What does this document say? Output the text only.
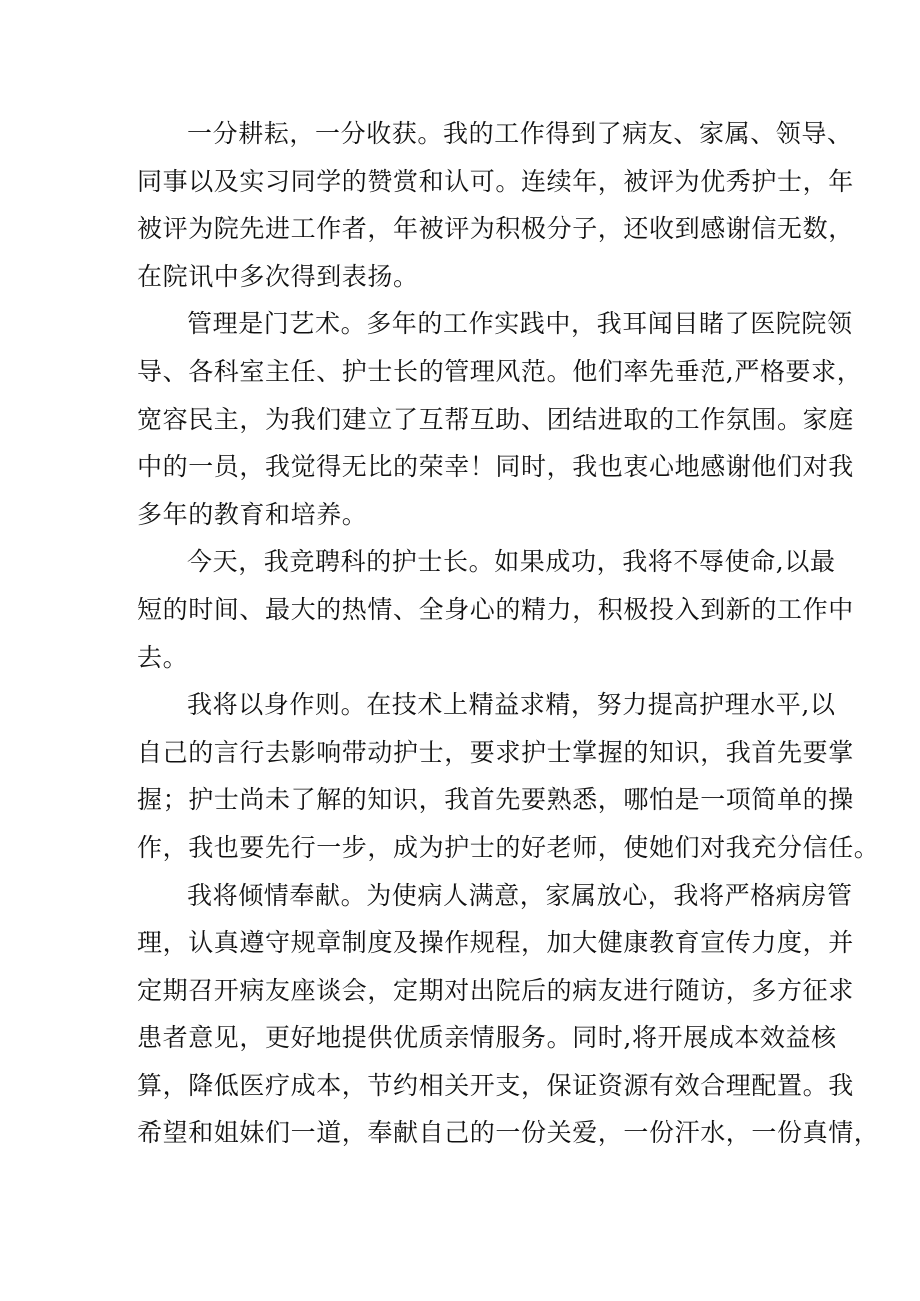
一分耕耘，一分收获。我的工作得到了病友、家属、领导、
同事以及实习同学的赞赏和认可。连续年，被评为优秀护士，年
被评为院先进工作者，年被评为积极分子，还收到感谢信无数，
在院讯中多次得到表扬。

管理是门艺术。多年的工作实践中，我耳闻目睹了医院院领
导、各科室主任、护士长的管理风范。他们率先垂范,严格要求，
宽容民主，为我们建立了互帮互助、团结进取的工作氛围。家庭
中的一员，我觉得无比的荣幸！同时，我也衷心地感谢他们对我
多年的教育和培养。

今天，我竞聘科的护士长。如果成功，我将不辱使命,以最
短的时间、最大的热情、全身心的精力，积极投入到新的工作中
去。

我将以身作则。在技术上精益求精，努力提高护理水平,以
自己的言行去影响带动护士，要求护士掌握的知识，我首先要掌
握；护士尚未了解的知识，我首先要熟悉，哪怕是一项简单的操
作，我也要先行一步，成为护士的好老师，使她们对我充分信任。

我将倾情奉献。为使病人满意，家属放心，我将严格病房管
理，认真遵守规章制度及操作规程，加大健康教育宣传力度，并
定期召开病友座谈会，定期对出院后的病友进行随访，多方征求
患者意见，更好地提供优质亲情服务。同时,将开展成本效益核
算，降低医疗成本，节约相关开支，保证资源有效合理配置。我
希望和姐妹们一道，奉献自己的一份关爱，一份汗水，一份真情，
